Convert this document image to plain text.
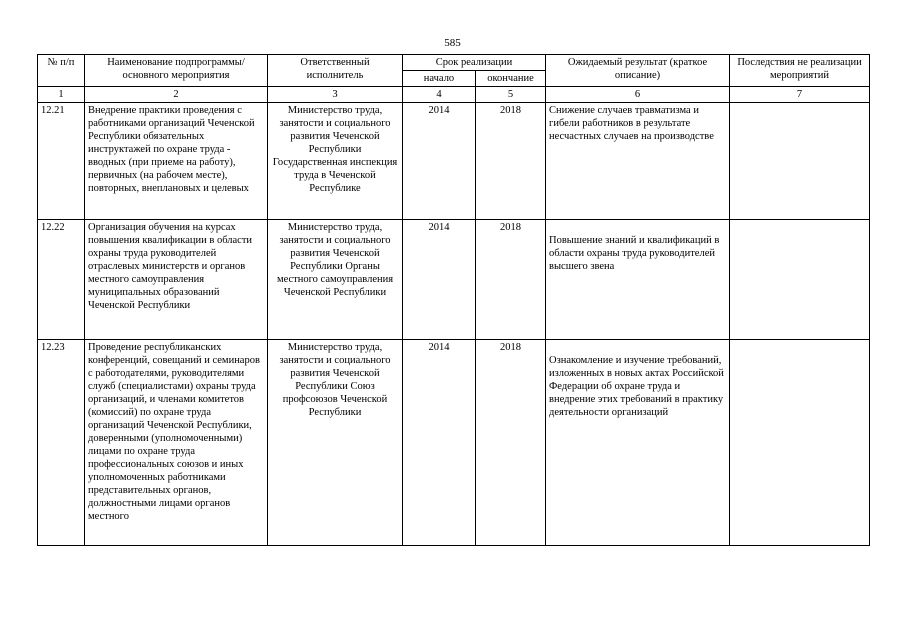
585
№ п/п	Наименование подпрограммы/ основного мероприятия	Ответственный исполнитель	Срок реализации		Ожидаемый результат (краткое описание)	Последствия не реализации мероприятий
			начало	окончание		
1	2	3	4	5	6	7
12.21	Внедрение практики проведения с работниками организаций Чеченской Республики обязательных инструктажей по охране труда - вводных (при приеме на работу), первичных (на рабочем месте), повторных, внеплановых и целевых	Министерство труда, занятости и социального развития Чеченской Республики Государственная инспекция труда в Чеченской Республике	2014	2018	Снижение случаев травматизма и гибели работников в результате несчастных случаев на производстве	
12.22	Организация обучения на курсах повышения квалификации в области охраны труда руководителей отраслевых министерств и органов местного самоуправления муниципальных образований Чеченской Республики	Министерство труда, занятости и социального развития Чеченской Республики Органы местного самоуправления Чеченской Республики	2014	2018	Повышение знаний и квалификаций в области охраны труда руководителей высшего звена	
12.23	Проведение республиканских конференций, совещаний и семинаров с работодателями, руководителями служб (специалистами) охраны труда организаций, и членами комитетов (комиссий) по охране труда организаций Чеченской Республики, доверенными (уполномоченными) лицами по охране труда профессиональных союзов и иных уполномоченных работниками представительных органов, должностными лицами органов местного	Министерство труда, занятости и социального развития Чеченской Республики Союз профсоюзов Чеченской Республики	2014	2018	Ознакомление и изучение требований, изложенных в новых актах Российской Федерации об охране труда и внедрение этих требований в практику деятельности организаций	
